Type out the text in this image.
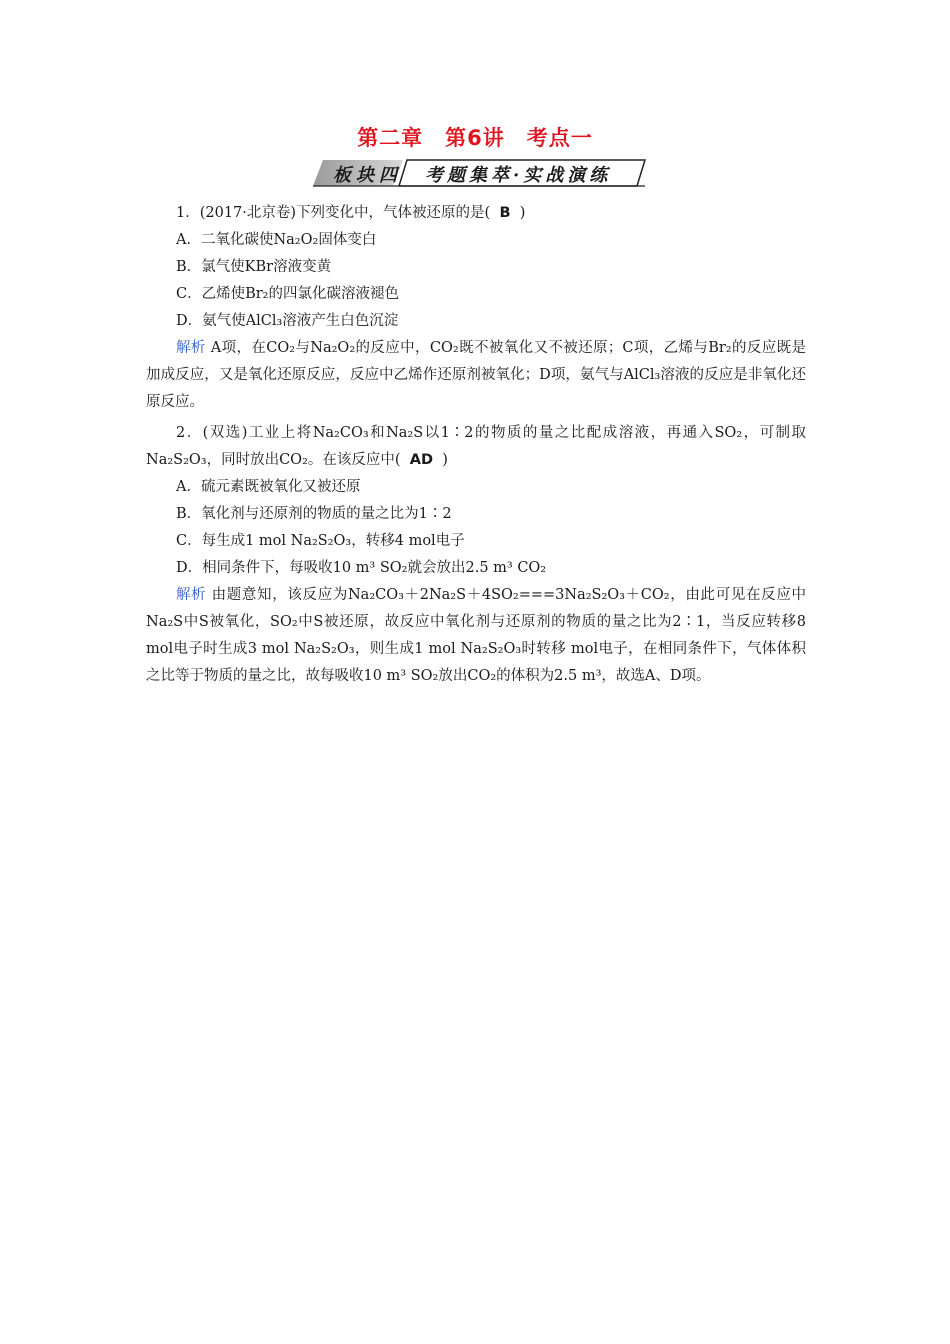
第二章　第6讲　考点一
板块四 考题集萃·实战演练
1．(2017·北京卷)下列变化中，气体被还原的是( B )
A．二氧化碳使Na₂O₂固体变白
B．氯气使KBr溶液变黄
C．乙烯使Br₂的四氯化碳溶液褪色
D．氨气使AlCl₃溶液产生白色沉淀
解析 A项，在CO₂与Na₂O₂的反应中，CO₂既不被氧化又不被还原；C项，乙烯与Br₂的反应既是加成反应，又是氧化还原反应，反应中乙烯作还原剂被氧化；D项，氨气与AlCl₃溶液的反应是非氧化还原反应。
2．(双选)工业上将Na₂CO₃和Na₂S以1∶2的物质的量之比配成溶液，再通入SO₂，可制取Na₂S₂O₃，同时放出CO₂。在该反应中( AD )
A．硫元素既被氧化又被还原
B．氧化剂与还原剂的物质的量之比为1∶2
C．每生成1 mol Na₂S₂O₃，转移4 mol电子
D．相同条件下，每吸收10 m³ SO₂就会放出2.5 m³ CO₂
解析 由题意知，该反应为Na₂CO₃＋2Na₂S＋4SO₂===3Na₂S₂O₃＋CO₂，由此可见在反应中Na₂S中S被氧化，SO₂中S被还原，故反应中氧化剂与还原剂的物质的量之比为2∶1，当反应转移8 mol电子时生成3 mol Na₂S₂O₃，则生成1 mol Na₂S₂O₃时转移 mol电子，在相同条件下，气体体积之比等于物质的量之比，故每吸收10 m³ SO₂放出CO₂的体积为2.5 m³，故选A、D项。
